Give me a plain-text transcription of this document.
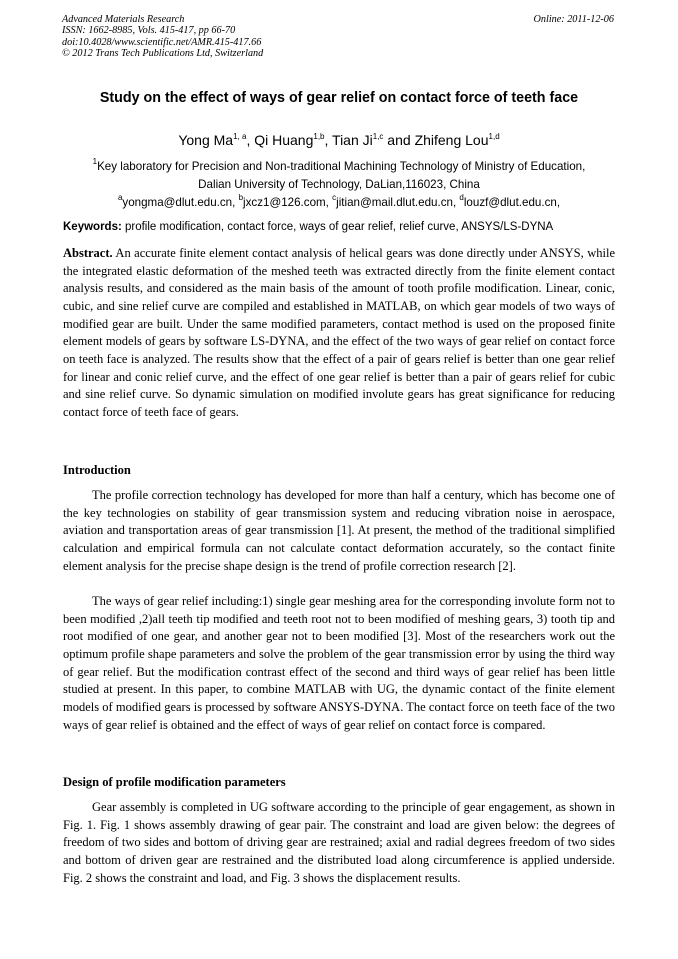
Advanced Materials Research
ISSN: 1662-8985, Vols. 415-417, pp 66-70
doi:10.4028/www.scientific.net/AMR.415-417.66
© 2012 Trans Tech Publications Ltd, Switzerland
Online: 2011-12-06
Study on the effect of ways of gear relief on contact force of teeth face
Yong Ma$^{1, a}$, Qi Huang$^{1,b}$, Tian Ji$^{1,c}$ and Zhifeng Lou$^{1,d}$
$^1$Key laboratory for Precision and Non-traditional Machining Technology of Ministry of Education,
Dalian University of Technology, DaLian,116023, China
$^a$yongma@dlut.edu.cn, $^b$jxcz1@126.com, $^c$jitian@mail.dlut.edu.cn, $^d$louzf@dlut.edu.cn,
Keywords: profile modification, contact force, ways of gear relief, relief curve, ANSYS/LS-DYNA

Abstract. An accurate finite element contact analysis of helical gears was done directly under ANSYS, while the integrated elastic deformation of the meshed teeth was extracted directly from the finite element contact analysis results, and considered as the main basis of the amount of tooth profile modification. Linear, conic, cubic, and sine relief curve are compiled and established in MATLAB, on which gear models of two ways of modified gear are built. Under the same modified parameters, contact method is used on the proposed finite element models of gears by software LS-DYNA, and the effect of the two ways of gear relief on contact force on teeth face is analyzed. The results show that the effect of a pair of gears relief is better than one gear relief for linear and conic relief curve, and the effect of one gear relief is better than a pair of gears relief for cubic and sine relief curve. So dynamic simulation on modified involute gears has great significance for reducing contact force of teeth face of gears.

Introduction

The profile correction technology has developed for more than half a century, which has become one of the key technologies on stability of gear transmission system and reducing vibration noise in aerospace, aviation and transportation areas of gear transmission [1]. At present, the method of the traditional simplified calculation and empirical formula can not calculate contact deformation accurately, so the contact finite element analysis for the precise shape design is the trend of profile correction research [2].

The ways of gear relief including:1) single gear meshing area for the corresponding involute form not to been modified ,2)all teeth tip modified and teeth root not to been modified of meshing gears, 3) tooth tip and root modified of one gear, and another gear not to been modified [3]. Most of the researchers work out the optimum profile shape parameters and solve the problem of the gear transmission error by using the third way of gear relief. But the modification contrast effect of the second and third ways of gear relief has been little studied at present. In this paper, to combine MATLAB with UG, the dynamic contact of the finite element models of modified gears is processed by software ANSYS-DYNA. The contact force on teeth face of the two ways of gear relief is obtained and the effect of ways of gear relief on contact force is compared.

Design of profile modification parameters

Gear assembly is completed in UG software according to the principle of gear engagement, as shown in Fig. 1. Fig. 1 shows assembly drawing of gear pair. The constraint and load are given below: the degrees of freedom of two sides and bottom of driving gear are restrained; axial and radial degrees freedom of two sides and bottom of driven gear are restrained and the distributed load along circumference is applied underside. Fig. 2 shows the constraint and load, and Fig. 3 shows the displacement results.
